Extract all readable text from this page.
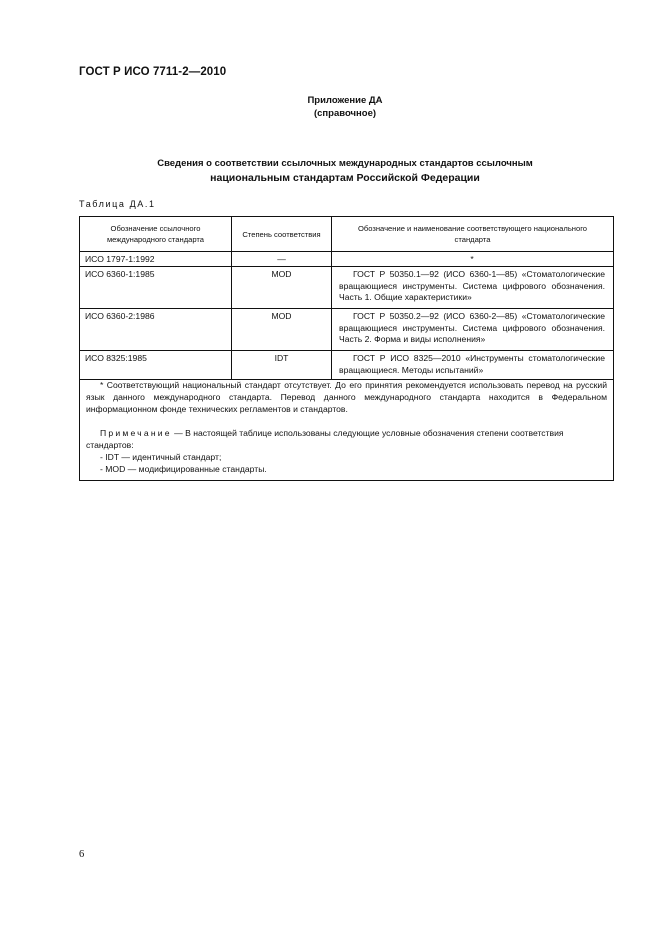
ГОСТ Р ИСО 7711-2—2010
Приложение ДА
(справочное)
Сведения о соответствии ссылочных международных стандартов ссылочным
национальным стандартам Российской Федерации
Таблица ДА.1
Обозначение ссылочного международного стандарта	Степень соответствия	Обозначение и наименование соответствующего национального стандарта
ИСО 1797-1:1992	—	*
ИСО 6360-1:1985	MOD	ГОСТ Р 50350.1—92 (ИСО 6360-1—85) «Стоматологические вращающиеся инструменты. Система цифрового обозначения. Часть 1. Общие характеристики»

ИСО 6360-2:1986	MOD	ГОСТ Р 50350.2—92 (ИСО 6360-2—85) «Стоматологические вращающиеся инструменты. Система цифрового обозначения. Часть 2. Форма и виды исполнения»

ИСО 8325:1985	IDT	ГОСТ Р ИСО 8325—2010 «Инструменты стоматологические вращающиеся. Методы испытаний»
* Соответствующий национальный стандарт отсутствует. До его принятия рекомендуется использовать перевод на русский язык данного международного стандарта. Перевод данного международного стандарта находится в Федеральном информационном фонде технических регламентов и стандартов.
Примечание — В настоящей таблице использованы следующие условные обозначения степени соответствия стандартов:
- IDT — идентичный стандарт;
- MOD — модифицированные стандарты.
6
